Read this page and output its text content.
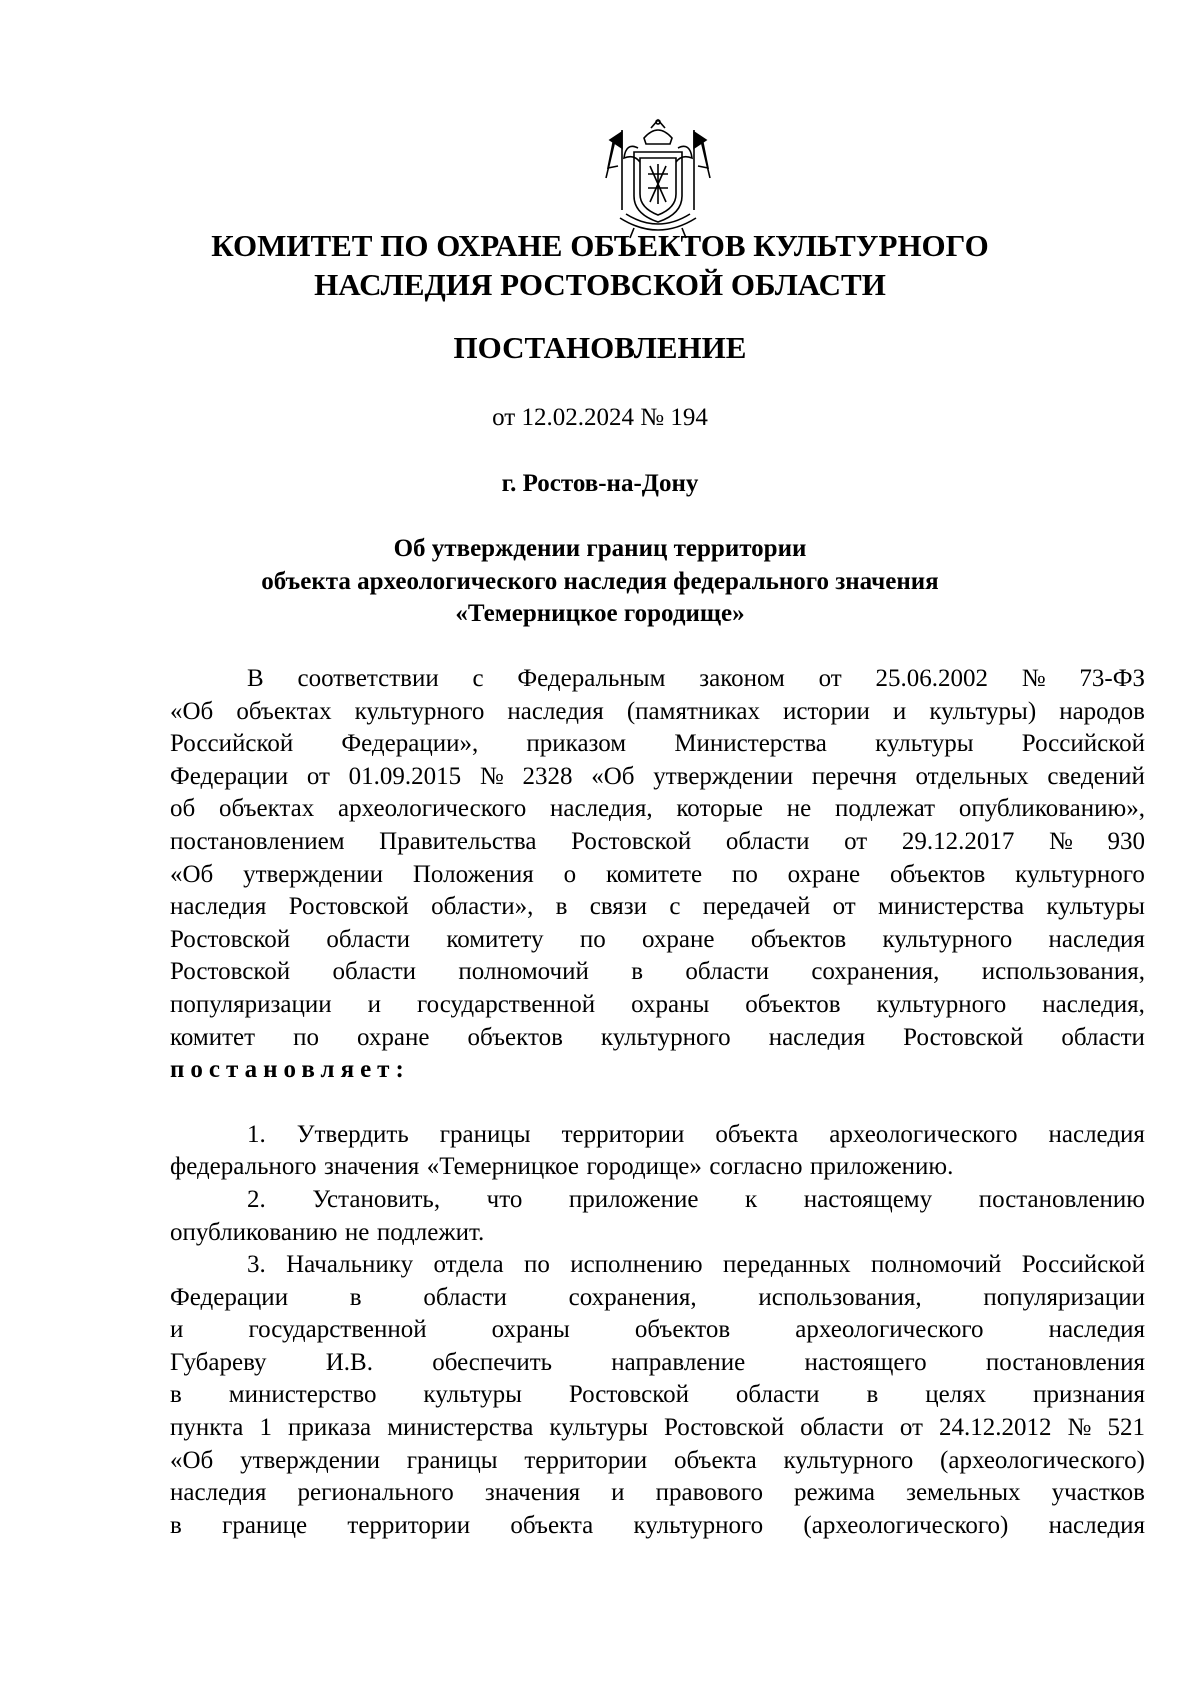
КОМИТЕТ ПО ОХРАНЕ ОБЪЕКТОВ КУЛЬТУРНОГО
НАСЛЕДИЯ РОСТОВСКОЙ ОБЛАСТИ
ПОСТАНОВЛЕНИЕ
от 12.02.2024 № 194
г. Ростов-на-Дону
Об утверждении границ территории
объекта археологического наследия федерального значения
«Темерницкое городище»
В соответствии с Федеральным законом от 25.06.2002 № 73-ФЗ
«Об объектах культурного наследия (памятниках истории и культуры) народов
Российской Федерации», приказом Министерства культуры Российской
Федерации от 01.09.2015 № 2328 «Об утверждении перечня отдельных сведений
об объектах археологического наследия, которые не подлежат опубликованию»,
постановлением Правительства Ростовской области от 29.12.2017 № 930
«Об утверждении Положения о комитете по охране объектов культурного
наследия Ростовской области», в связи с передачей от министерства культуры
Ростовской области комитету по охране объектов культурного наследия
Ростовской области полномочий в области сохранения, использования,
популяризации и государственной охраны объектов культурного наследия,
комитет по охране объектов культурного наследия Ростовской области
постановляет:
1. Утвердить границы территории объекта археологического наследия
федерального значения «Темерницкое городище» согласно приложению.
2. Установить, что приложение к настоящему постановлению
опубликованию не подлежит.
3. Начальнику отдела по исполнению переданных полномочий Российской
Федерации в области сохранения, использования, популяризации
и	государственной	охраны	объектов	археологического	наследия
Губареву И.В. обеспечить направление настоящего постановления
в министерство культуры Ростовской области в целях признания
пункта 1 приказа министерства культуры Ростовской области от 24.12.2012 № 521
«Об утверждении границы территории объекта культурного (археологического)
наследия регионального значения и правового режима земельных участков
в границе территории объекта культурного (археологического) наследия
